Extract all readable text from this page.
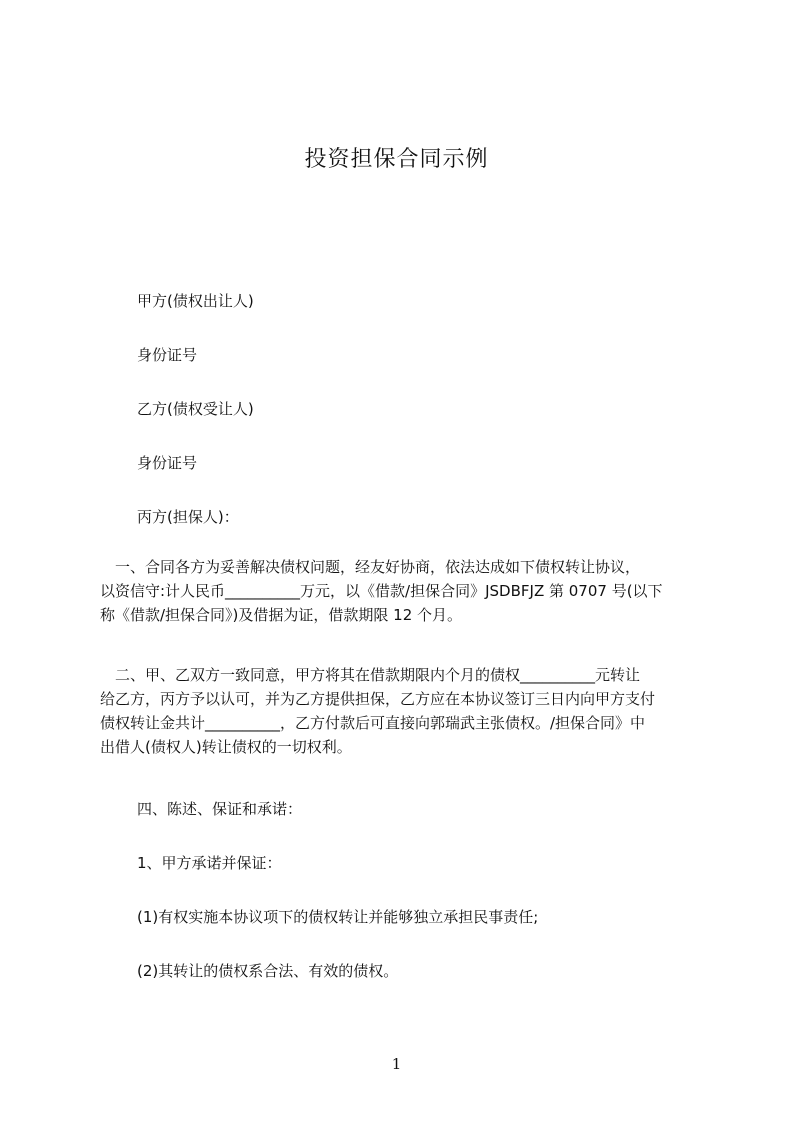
投资担保合同示例
甲方(债权出让人)
身份证号
乙方(债权受让人)
身份证号
丙方(担保人)：
　一、合同各方为妥善解决债权问题，经友好协商，依法达成如下债权转让协议，
以资信守:计人民币__________万元，以《借款/担保合同》JSDBFJZ 第 0707 号(以下
称《借款/担保合同》)及借据为证，借款期限 12 个月。
　二、甲、乙双方一致同意，甲方将其在借款期限内个月的债权__________元转让
给乙方，丙方予以认可，并为乙方提供担保，乙方应在本协议签订三日内向甲方支付
债权转让金共计__________，乙方付款后可直接向郭瑞武主张债权。/担保合同》中
出借人(债权人)转让债权的一切权利。
四、陈述、保证和承诺：
1、甲方承诺并保证：
(1)有权实施本协议项下的债权转让并能够独立承担民事责任;
(2)其转让的债权系合法、有效的债权。
1
